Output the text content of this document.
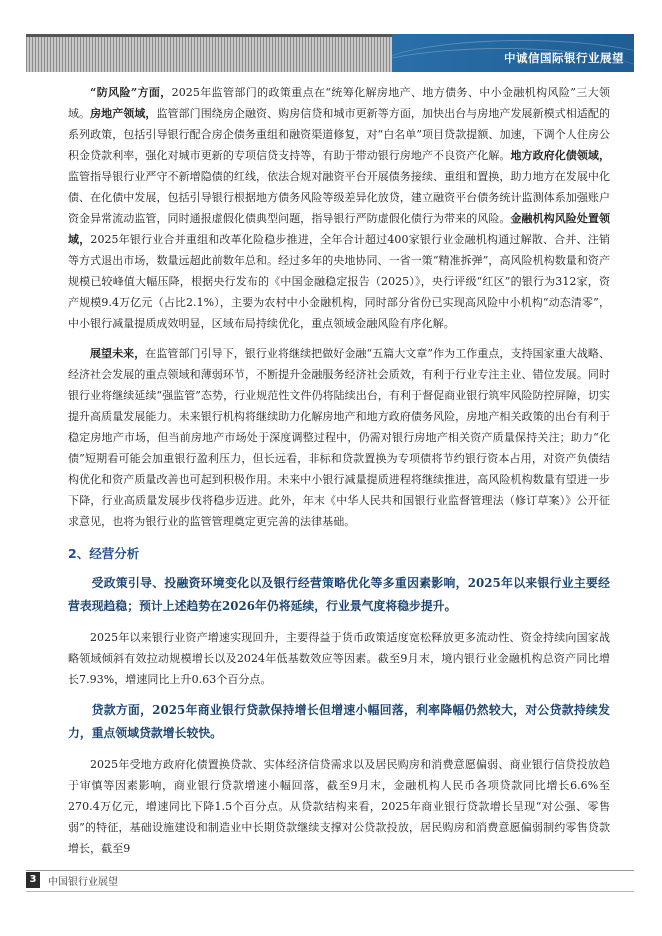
中诚信国际银行业展望

“防风险”方面，2025年监管部门的政策重点在“统筹化解房地产、地方债务、中小金融机构风险”三大领域。房地产领域，监管部门围绕房企融资、购房信贷和城市更新等方面，加快出台与房地产发展新模式相适配的系列政策，包括引导银行配合房企债务重组和融资渠道修复，对“白名单”项目贷款提额、加速，下调个人住房公积金贷款利率，强化对城市更新的专项信贷支持等，有助于带动银行房地产不良资产化解。地方政府化债领域，监管指导银行业严守不新增隐债的红线，依法合规对融资平台开展债务接续、重组和置换，助力地方在发展中化债、在化债中发展，包括引导银行根据地方债务风险等级差异化放贷，建立融资平台债务统计监测体系加强账户资金异常流动监管，同时通报虚假化债典型问题，指导银行严防虚假化债行为带来的风险。金融机构风险处置领域，2025年银行业合并重组和改革化险稳步推进，全年合计超过400家银行业金融机构通过解散、合并、注销等方式退出市场，数量远超此前数年总和。经过多年的央地协同、一省一策“精准拆弹”，高风险机构数量和资产规模已较峰值大幅压降，根据央行发布的《中国金融稳定报告（2025）》，央行评级“红区”的银行为312家，资产规模9.4万亿元（占比2.1%），主要为农村中小金融机构，同时部分省份已实现高风险中小机构“动态清零”，中小银行减量提质成效明显，区域布局持续优化，重点领域金融风险有序化解。

展望未来，在监管部门引导下，银行业将继续把做好金融“五篇大文章”作为工作重点，支持国家重大战略、经济社会发展的重点领域和薄弱环节，不断提升金融服务经济社会质效，有利于行业专注主业、错位发展。同时银行业将继续延续“强监管”态势，行业规范性文件仍将陆续出台，有利于督促商业银行筑牢风险防控屏障，切实提升高质量发展能力。未来银行机构将继续助力化解房地产和地方政府债务风险，房地产相关政策的出台有利于稳定房地产市场，但当前房地产市场处于深度调整过程中，仍需对银行房地产相关资产质量保持关注；助力“化债”短期看可能会加重银行盈利压力，但长远看，非标和贷款置换为专项债将节约银行资本占用，对资产负债结构优化和资产质量改善也可起到积极作用。未来中小银行减量提质进程将继续推进，高风险机构数量有望进一步下降，行业高质量发展步伐将稳步迈进。此外，年末《中华人民共和国银行业监督管理法（修订草案）》公开征求意见，也将为银行业的监管管理奠定更完善的法律基础。

2、经营分析

受政策引导、投融资环境变化以及银行经营策略优化等多重因素影响，2025年以来银行业主要经营表现趋稳；预计上述趋势在2026年仍将延续，行业景气度将稳步提升。

2025年以来银行业资产增速实现回升，主要得益于货币政策适度宽松释放更多流动性、资金持续向国家战略领域倾斜有效拉动规模增长以及2024年低基数效应等因素。截至9月末，境内银行业金融机构总资产同比增长7.93%，增速同比上升0.63个百分点。

贷款方面，2025年商业银行贷款保持增长但增速小幅回落，利率降幅仍然较大，对公贷款持续发力，重点领域贷款增长较快。

2025年受地方政府化债置换贷款、实体经济信贷需求以及居民购房和消费意愿偏弱、商业银行信贷投放趋于审慎等因素影响，商业银行贷款增速小幅回落，截至9月末，金融机构人民币各项贷款同比增长6.6%至270.4万亿元，增速同比下降1.5个百分点。从贷款结构来看，2025年商业银行贷款增长呈现“对公强、零售弱”的特征，基础设施建设和制造业中长期贷款继续支撑对公贷款投放，居民购房和消费意愿偏弱制约零售贷款增长，截至9

3	中国银行业展望
